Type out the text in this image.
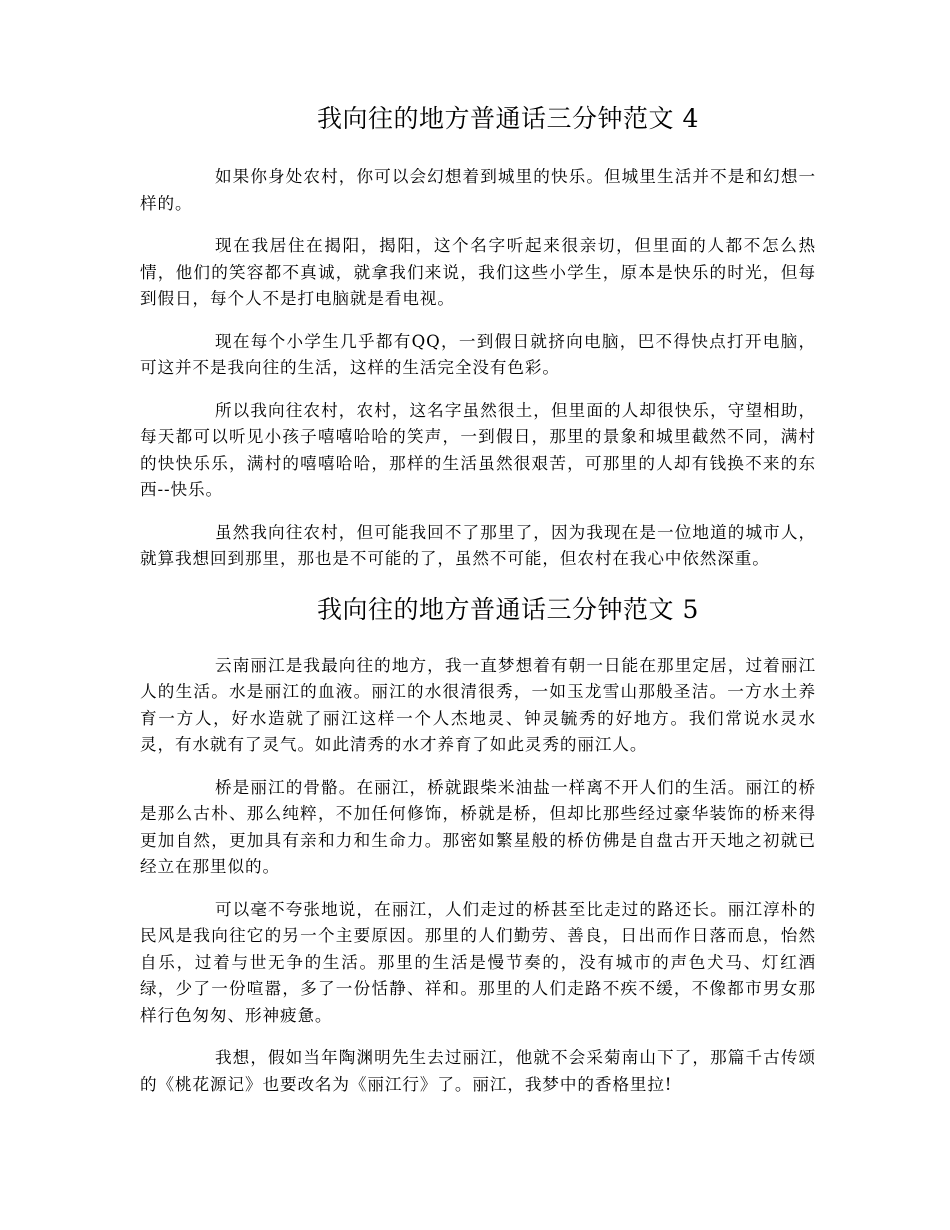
我向往的地方普通话三分钟范文 4

如果你身处农村，你可以会幻想着到城里的快乐。但城里生活并不是和幻想一样的。

现在我居住在揭阳，揭阳，这个名字听起来很亲切，但里面的人都不怎么热情，他们的笑容都不真诚，就拿我们来说，我们这些小学生，原本是快乐的时光，但每到假日，每个人不是打电脑就是看电视。

现在每个小学生几乎都有QQ，一到假日就挤向电脑，巴不得快点打开电脑，可这并不是我向往的生活，这样的生活完全没有色彩。

所以我向往农村，农村，这名字虽然很土，但里面的人却很快乐，守望相助，每天都可以听见小孩子嘻嘻哈哈的笑声，一到假日，那里的景象和城里截然不同，满村的快快乐乐，满村的嘻嘻哈哈，那样的生活虽然很艰苦，可那里的人却有钱换不来的东西--快乐。

虽然我向往农村，但可能我回不了那里了，因为我现在是一位地道的城市人，就算我想回到那里，那也是不可能的了，虽然不可能，但农村在我心中依然深重。

我向往的地方普通话三分钟范文 5

云南丽江是我最向往的地方，我一直梦想着有朝一日能在那里定居，过着丽江人的生活。水是丽江的血液。丽江的水很清很秀，一如玉龙雪山那般圣洁。一方水土养育一方人，好水造就了丽江这样一个人杰地灵、钟灵毓秀的好地方。我们常说水灵水灵，有水就有了灵气。如此清秀的水才养育了如此灵秀的丽江人。

桥是丽江的骨骼。在丽江，桥就跟柴米油盐一样离不开人们的生活。丽江的桥是那么古朴、那么纯粹，不加任何修饰，桥就是桥，但却比那些经过豪华装饰的桥来得更加自然，更加具有亲和力和生命力。那密如繁星般的桥仿佛是自盘古开天地之初就已经立在那里似的。

可以毫不夸张地说，在丽江，人们走过的桥甚至比走过的路还长。丽江淳朴的民风是我向往它的另一个主要原因。那里的人们勤劳、善良，日出而作日落而息，怡然自乐，过着与世无争的生活。那里的生活是慢节奏的，没有城市的声色犬马、灯红酒绿，少了一份喧嚣，多了一份恬静、祥和。那里的人们走路不疾不缓，不像都市男女那样行色匆匆、形神疲惫。

我想，假如当年陶渊明先生去过丽江，他就不会采菊南山下了，那篇千古传颂的《桃花源记》也要改名为《丽江行》了。丽江，我梦中的香格里拉!
